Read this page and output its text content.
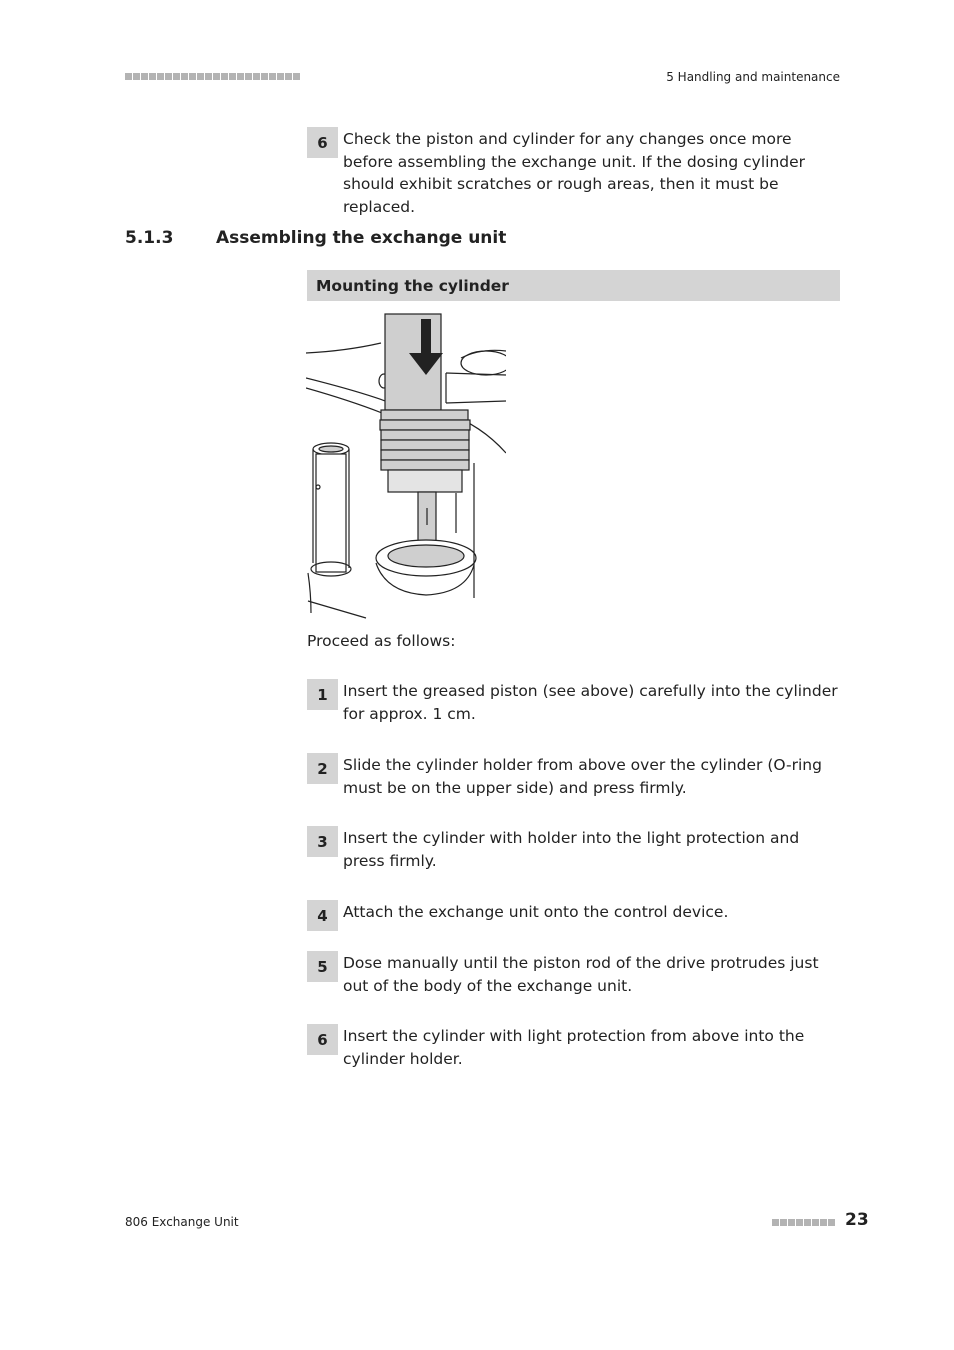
5 Handling and maintenance
6 Check the piston and cylinder for any changes once more before assembling the exchange unit. If the dosing cylinder should exhibit scratches or rough areas, then it must be replaced.
5.1.3	Assembling the exchange unit
Mounting the cylinder
Proceed as follows:
1 Insert the greased piston (see above) carefully into the cylinder for approx. 1 cm.
2 Slide the cylinder holder from above over the cylinder (O-ring must be on the upper side) and press firmly.
3 Insert the cylinder with holder into the light protection and press firmly.
4 Attach the exchange unit onto the control device.
5 Dose manually until the piston rod of the drive protrudes just out of the body of the exchange unit.
6 Insert the cylinder with light protection from above into the cylinder holder.
806 Exchange Unit	23
